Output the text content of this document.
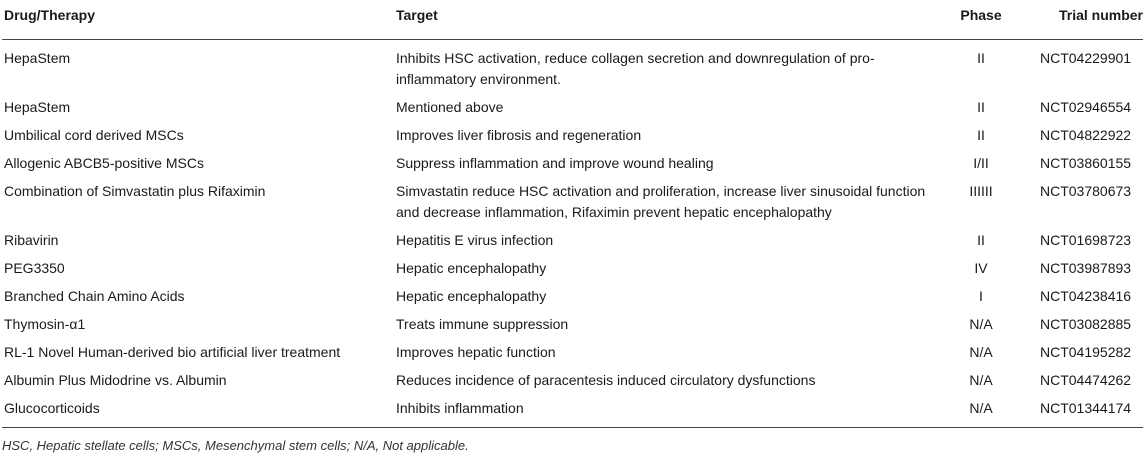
Drug/Therapy	Target	Phase	Trial number
HepaStem	Inhibits HSC activation, reduce collagen secretion and downregulation of pro-inflammatory environment.	II	NCT04229901
HepaStem	Mentioned above	II	NCT02946554
Umbilical cord derived MSCs	Improves liver fibrosis and regeneration	II	NCT04822922
Allogenic ABCB5-positive MSCs	Suppress inflammation and improve wound healing	I/II	NCT03860155
Combination of Simvastatin plus Rifaximin	Simvastatin reduce HSC activation and proliferation, increase liver sinusoidal function and decrease inflammation, Rifaximin prevent hepatic encephalopathy	IIIIII	NCT03780673
Ribavirin	Hepatitis E virus infection	II	NCT01698723
PEG3350	Hepatic encephalopathy	IV	NCT03987893
Branched Chain Amino Acids	Hepatic encephalopathy	I	NCT04238416
Thymosin-α1	Treats immune suppression	N/A	NCT03082885
RL-1 Novel Human-derived bio artificial liver treatment	Improves hepatic function	N/A	NCT04195282
Albumin Plus Midodrine vs. Albumin	Reduces incidence of paracentesis induced circulatory dysfunctions	N/A	NCT04474262
Glucocorticoids	Inhibits inflammation	N/A	NCT01344174
HSC, Hepatic stellate cells; MSCs, Mesenchymal stem cells; N/A, Not applicable.
